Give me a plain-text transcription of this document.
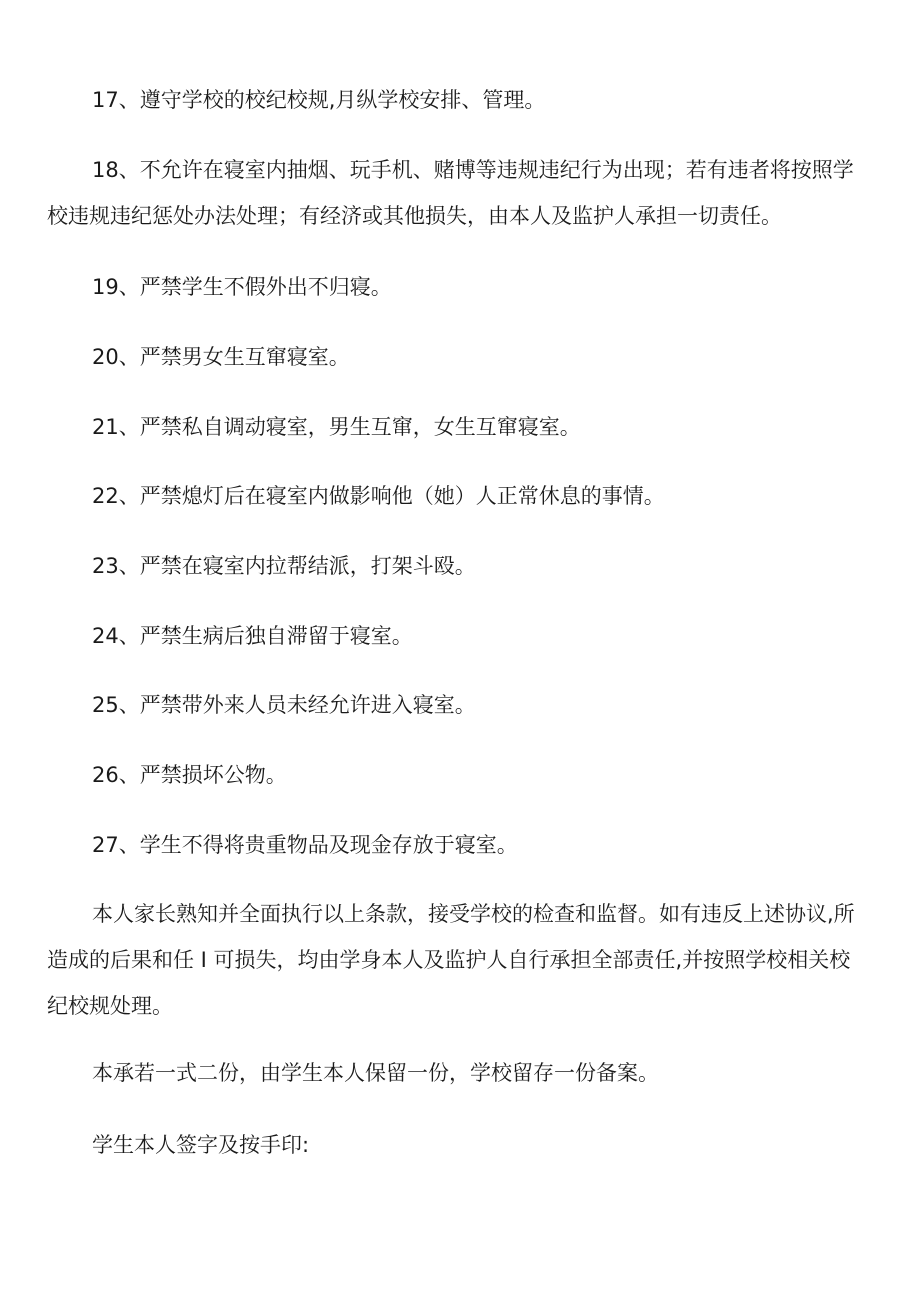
17、遵守学校的校纪校规,月纵学校安排、管理。
18、不允许在寝室内抽烟、玩手机、赌博等违规违纪行为出现；若有违者将按照学
校违规违纪惩处办法处理；有经济或其他损失，由本人及监护人承担一切责任。
19、严禁学生不假外出不归寝。
20、严禁男女生互窜寝室。
21、严禁私自调动寝室，男生互窜，女生互窜寝室。
22、严禁熄灯后在寝室内做影响他（她）人正常休息的事情。
23、严禁在寝室内拉帮结派，打架斗殴。
24、严禁生病后独自滞留于寝室。
25、严禁带外来人员未经允许进入寝室。
26、严禁损坏公物。
27、学生不得将贵重物品及现金存放于寝室。
本人家长熟知并全面执行以上条款，接受学校的检查和监督。如有违反上述协议,所
造成的后果和任 I 可损失，均由学身本人及监护人自行承担全部责任,并按照学校相关校
纪校规处理。
本承若一式二份，由学生本人保留一份，学校留存一份备案。
学生本人签字及按手印:
